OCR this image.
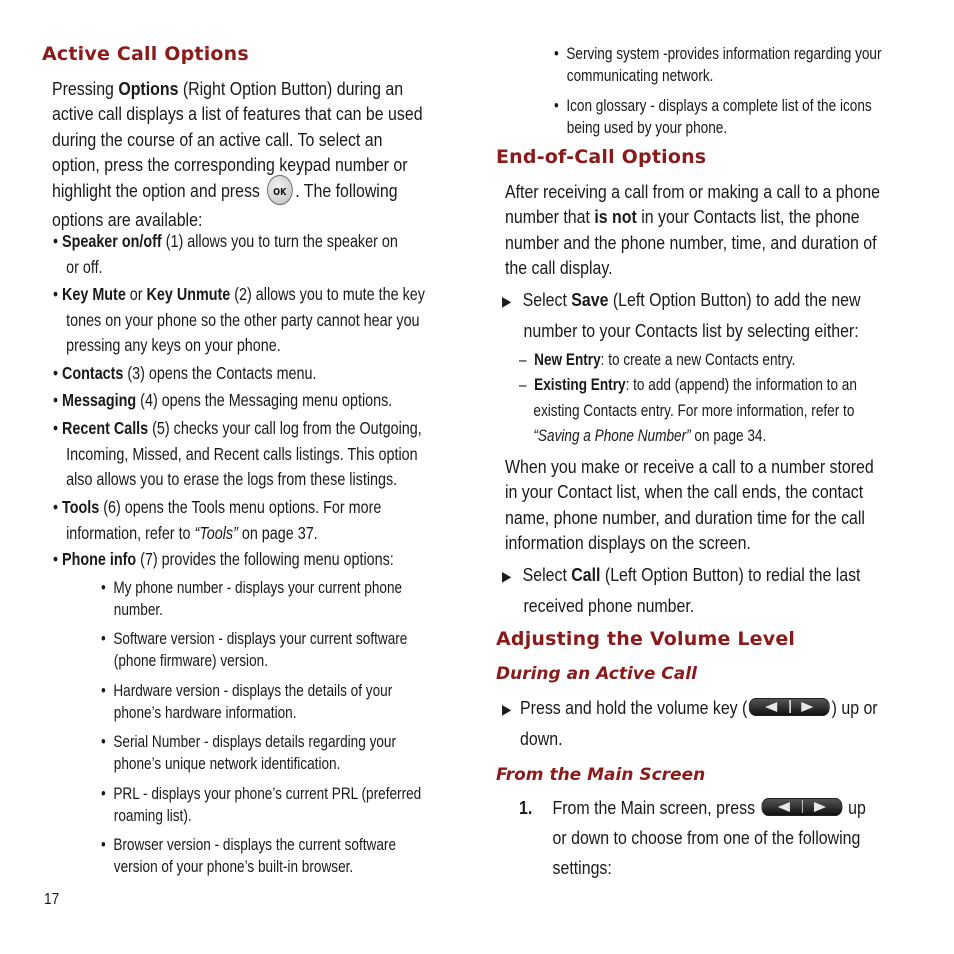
Active Call Options
Pressing Options (Right Option Button) during an
active call displays a list of features that can be used
during the course of an active call. To select an
option, press the corresponding keypad number or
highlight the option and press OK . The following
options are available:
• Speaker on/off (1) allows you to turn the speaker on
or off.
• Key Mute or Key Unmute (2) allows you to mute the key
tones on your phone so the other party cannot hear you
pressing any keys on your phone.
• Contacts (3) opens the Contacts menu.
• Messaging (4) opens the Messaging menu options.
• Recent Calls (5) checks your call log from the Outgoing,
Incoming, Missed, and Recent calls listings. This option
also allows you to erase the logs from these listings.
• Tools (6) opens the Tools menu options. For more
information, refer to “Tools” on page 37.
• Phone info (7) provides the following menu options:
•  My phone number - displays your current phone
number.
•  Software version - displays your current software
(phone firmware) version.
•  Hardware version - displays the details of your
phone’s hardware information.
•  Serial Number - displays details regarding your
phone’s unique network identification.
•  PRL - displays your phone’s current PRL (preferred
roaming list).
•  Browser version - displays the current software
version of your phone’s built-in browser.
17
•  Serving system -provides information regarding your
communicating network.
•  Icon glossary - displays a complete list of the icons
being used by your phone.
End-of-Call Options
After receiving a call from or making a call to a phone
number that is not in your Contacts list, the phone
number and the phone number, time, and duration of
the call display.
▶ Select Save (Left Option Button) to add the new
number to your Contacts list by selecting either:
–  New Entry: to create a new Contacts entry.
–  Existing Entry: to add (append) the information to an
existing Contacts entry. For more information, refer to
“Saving a Phone Number” on page 34.
When you make or receive a call to a number stored
in your Contact list, when the call ends, the contact
name, phone number, and duration time for the call
information displays on the screen.
▶ Select Call (Left Option Button) to redial the last
received phone number.
Adjusting the Volume Level
During an Active Call
▶ Press and hold the volume key (	) up or
down.
From the Main Screen
1. From the Main screen, press	up
or down to choose from one of the following
settings:
